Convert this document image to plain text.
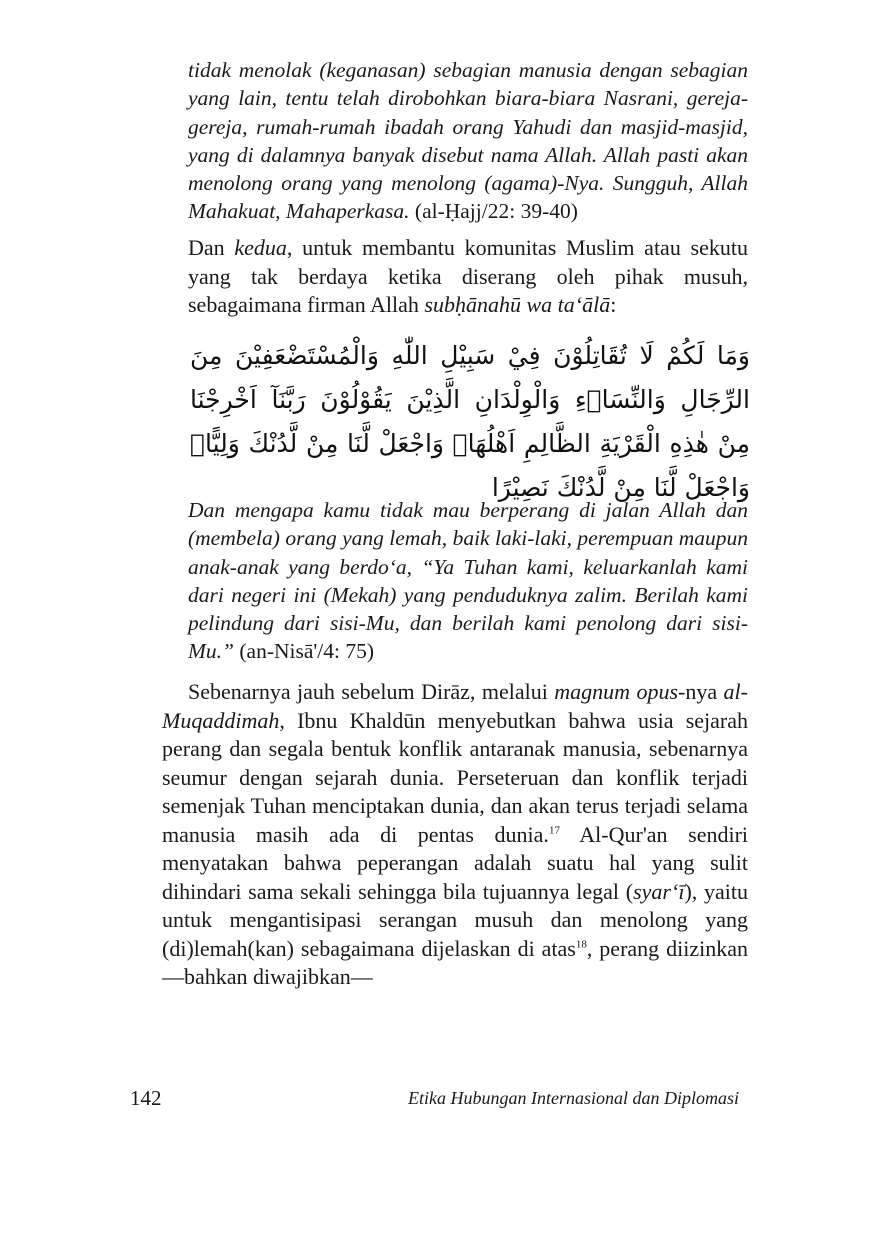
tidak menolak (keganasan) sebagian manusia dengan sebagian yang lain, tentu telah dirobohkan biara-biara Nasrani, gereja-gereja, rumah-rumah ibadah orang Yahudi dan masjid-masjid, yang di dalamnya banyak disebut nama Allah. Allah pasti akan menolong orang yang menolong (agama)-Nya. Sungguh, Allah Mahakuat, Mahaperkasa. (al-Ḥajj/22: 39-40)

Dan kedua, untuk membantu komunitas Muslim atau sekutu yang tak berdaya ketika diserang oleh pihak musuh, sebagaimana firman Allah subḥānahū wa ta‘ālā:

وَمَا لَكُمْ لَا تُقَاتِلُوْنَ فِيْ سَبِيْلِ اللّٰهِ وَالْمُسْتَضْعَفِيْنَ مِنَ الرِّجَالِ وَالنِّسَاۤءِ وَالْوِلْدَانِ الَّذِيْنَ يَقُوْلُوْنَ رَبَّنَآ اَخْرِجْنَا مِنْ هٰذِهِ الْقَرْيَةِ الظَّالِمِ اَهْلُهَاۚ وَاجْعَلْ لَّنَا مِنْ لَّدُنْكَ وَلِيًّاۚ وَاجْعَلْ لَّنَا مِنْ لَّدُنْكَ نَصِيْرًا

Dan mengapa kamu tidak mau berperang di jalan Allah dan (membela) orang yang lemah, baik laki-laki, perempuan maupun anak-anak yang berdo‘a, “Ya Tuhan kami, keluarkanlah kami dari negeri ini (Mekah) yang penduduknya zalim. Berilah kami pelindung dari sisi-Mu, dan berilah kami penolong dari sisi-Mu.” (an-Nisā'/4: 75)

Sebenarnya jauh sebelum Dirāz, melalui magnum opus-nya al-Muqaddimah, Ibnu Khaldūn menyebutkan bahwa usia sejarah perang dan segala bentuk konflik antaranak manusia, sebenarnya seumur dengan sejarah dunia. Perseteruan dan konflik terjadi semenjak Tuhan menciptakan dunia, dan akan terus terjadi selama manusia masih ada di pentas dunia.$^{17}$ Al-Qur'an sendiri menyatakan bahwa peperangan adalah suatu hal yang sulit dihindari sama sekali sehingga bila tujuannya legal (syar‘ī), yaitu untuk mengantisipasi serangan musuh dan menolong yang (di)lemah(kan) sebagaimana dijelaskan di atas$^{18}$, perang diizinkan—bahkan diwajibkan—

142	Etika Hubungan Internasional dan Diplomasi
